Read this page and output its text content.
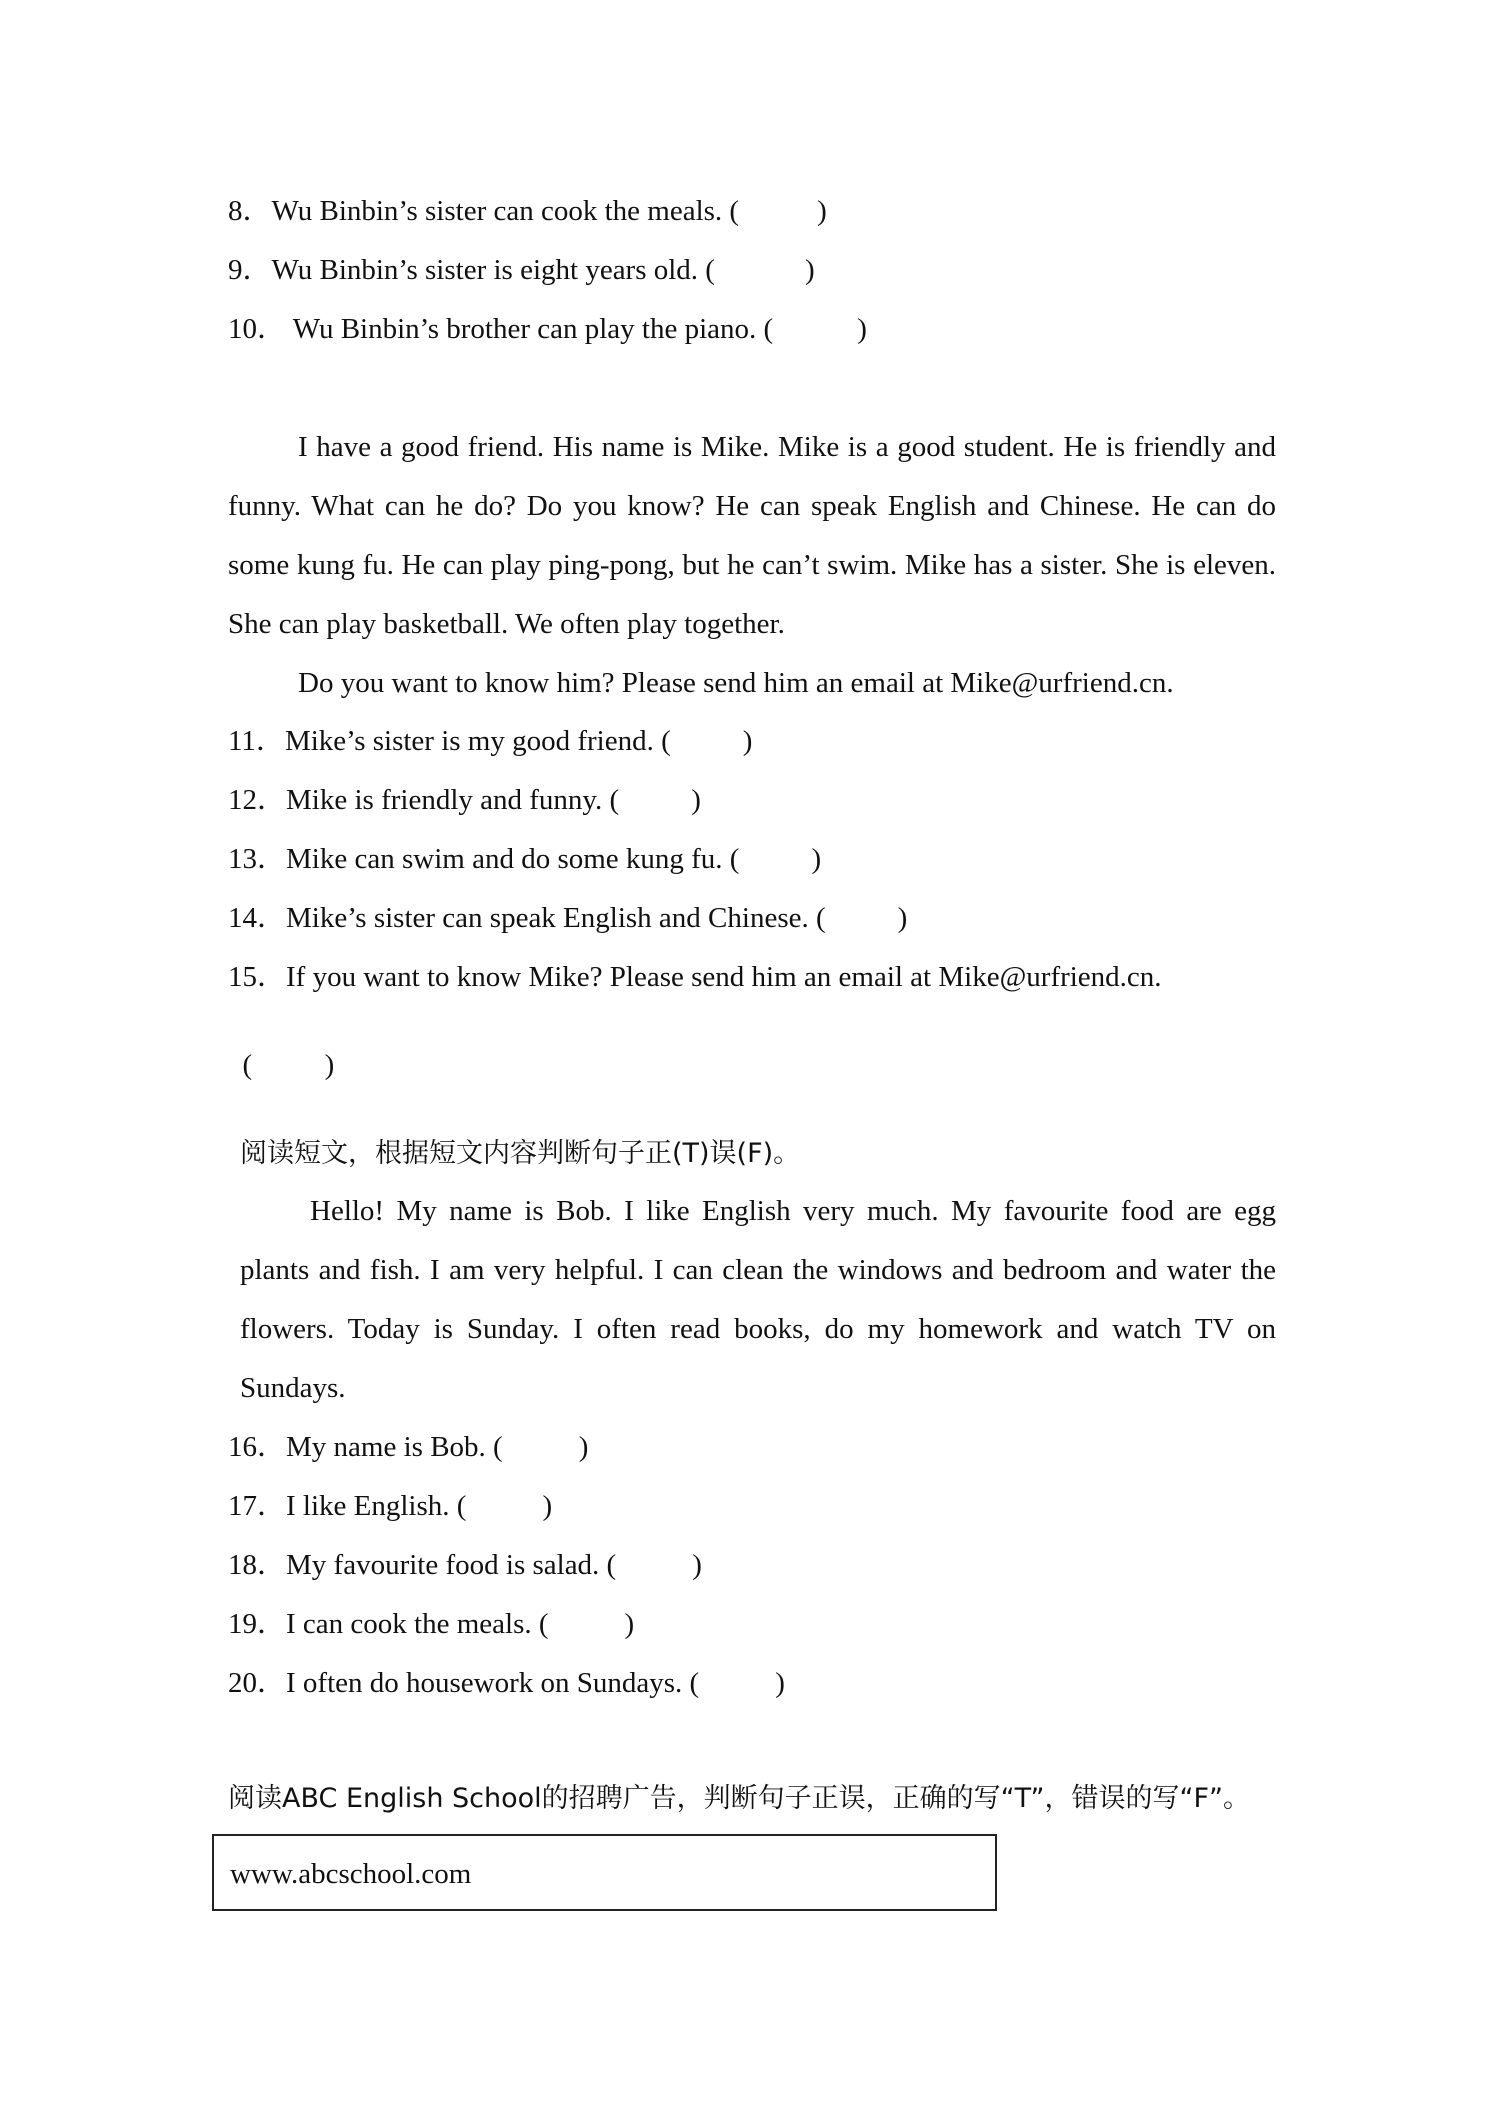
8．Wu Binbin’s sister can cook the meals. (	)
9．Wu Binbin’s sister is eight years old. (	)
10． Wu Binbin’s brother can play the piano. (	)
I have a good friend. His name is Mike. Mike is a good student. He is friendly and funny. What can he do? Do you know? He can speak English and Chinese. He can do some kung fu. He can play ping-pong, but he can’t swim. Mike has a sister. She is eleven. She can play basketball. We often play together.
Do you want to know him? Please send him an email at Mike@urfriend.cn.
11．Mike’s sister is my good friend. ( )
12．Mike is friendly and funny. ( )
13．Mike can swim and do some kung fu. ( )
14．Mike’s sister can speak English and Chinese. ( )
15．If you want to know Mike? Please send him an email at Mike@urfriend.cn.

(          )

阅读短文，根据短文内容判断句子正(T)误(F)。
Hello! My name is Bob. I like English very much. My favourite food are egg plants and fish. I am very helpful. I can clean the windows and bedroom and water the flowers. Today is Sunday. I often read books, do my homework and watch TV on Sundays.
16．My name is Bob. (	)
17．I like English. (	)
18．My favourite food is salad. (	)
19．I can cook the meals. (	)
20．I often do housework on Sundays. (	)
阅读ABC English School的招聘广告，判断句子正误，正确的写“T”，错误的写“F”。
www.abcschool.com
